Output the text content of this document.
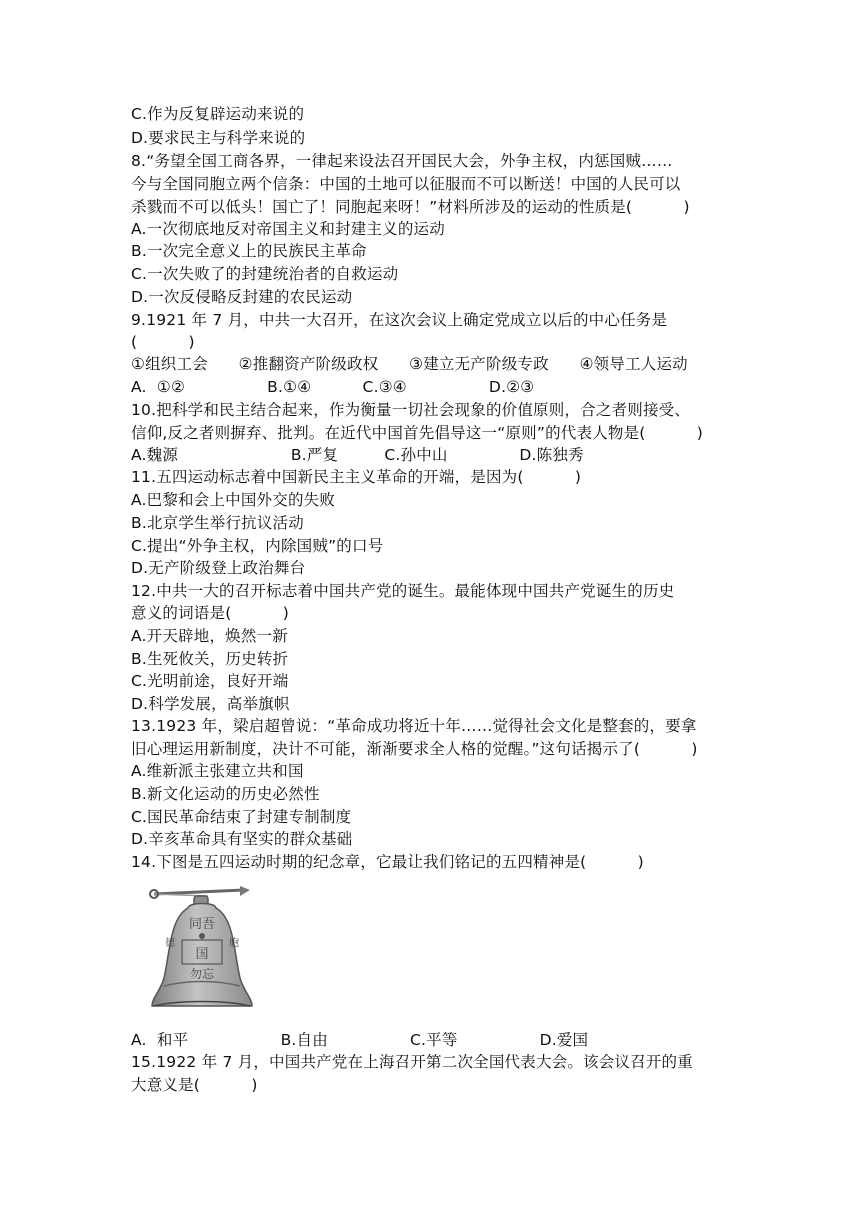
C.作为反复辟运动来说的
D.要求民主与科学来说的
8.“务望全国工商各界，一律起来设法召开国民大会，外争主权，内惩国贼……
今与全国同胞立两个信条：中国的土地可以征服而不可以断送！中国的人民可以
杀戮而不可以低头！国亡了！同胞起来呀！”材料所涉及的运动的性质是(          )
A.一次彻底地反对帝国主义和封建主义的运动
B.一次完全意义上的民族民主革命
C.一次失败了的封建统治者的自救运动
D.一次反侵略反封建的农民运动
9.1921 年 7 月，中共一大召开，在这次会议上确定党成立以后的中心任务是
(          )
①组织工会      ②推翻资产阶级政权      ③建立无产阶级专政      ④领导工人运动
A.  ①②                B.①④          C.③④                D.②③
10.把科学和民主结合起来，作为衡量一切社会现象的价值原则，合之者则接受、
信仰,反之者则摒弃、批判。在近代中国首先倡导这一“原则”的代表人物是(          )
A.魏源                      B.严复         C.孙中山              D.陈独秀
11.五四运动标志着中国新民主主义革命的开端，是因为(          )
A.巴黎和会上中国外交的失败
B.北京学生举行抗议活动
C.提出“外争主权，内除国贼”的口号
D.无产阶级登上政治舞台
12.中共一大的召开标志着中国共产党的诞生。最能体现中国共产党诞生的历史
意义的词语是(          )
A.开天辟地，焕然一新
B.生死攸关，历史转折
C.光明前途，良好开端
D.科学发展，高举旗帜
13.1923 年，梁启超曾说：“革命成功将近十年……觉得社会文化是整套的，要拿
旧心理运用新制度，决计不可能，渐渐要求全人格的觉醒。”这句话揭示了(          )
A.维新派主张建立共和国
B.新文化运动的历史必然性
C.国民革命结束了封建专制制度
D.辛亥革命具有坚实的群众基础
14.下图是五四运动时期的纪念章，它最让我们铭记的五四精神是(          )
同吾
德	胞
国
勿忘
A.  和平                  B.自由                C.平等                D.爱国
15.1922 年 7 月，中国共产党在上海召开第二次全国代表大会。该会议召开的重
大意义是(          )
